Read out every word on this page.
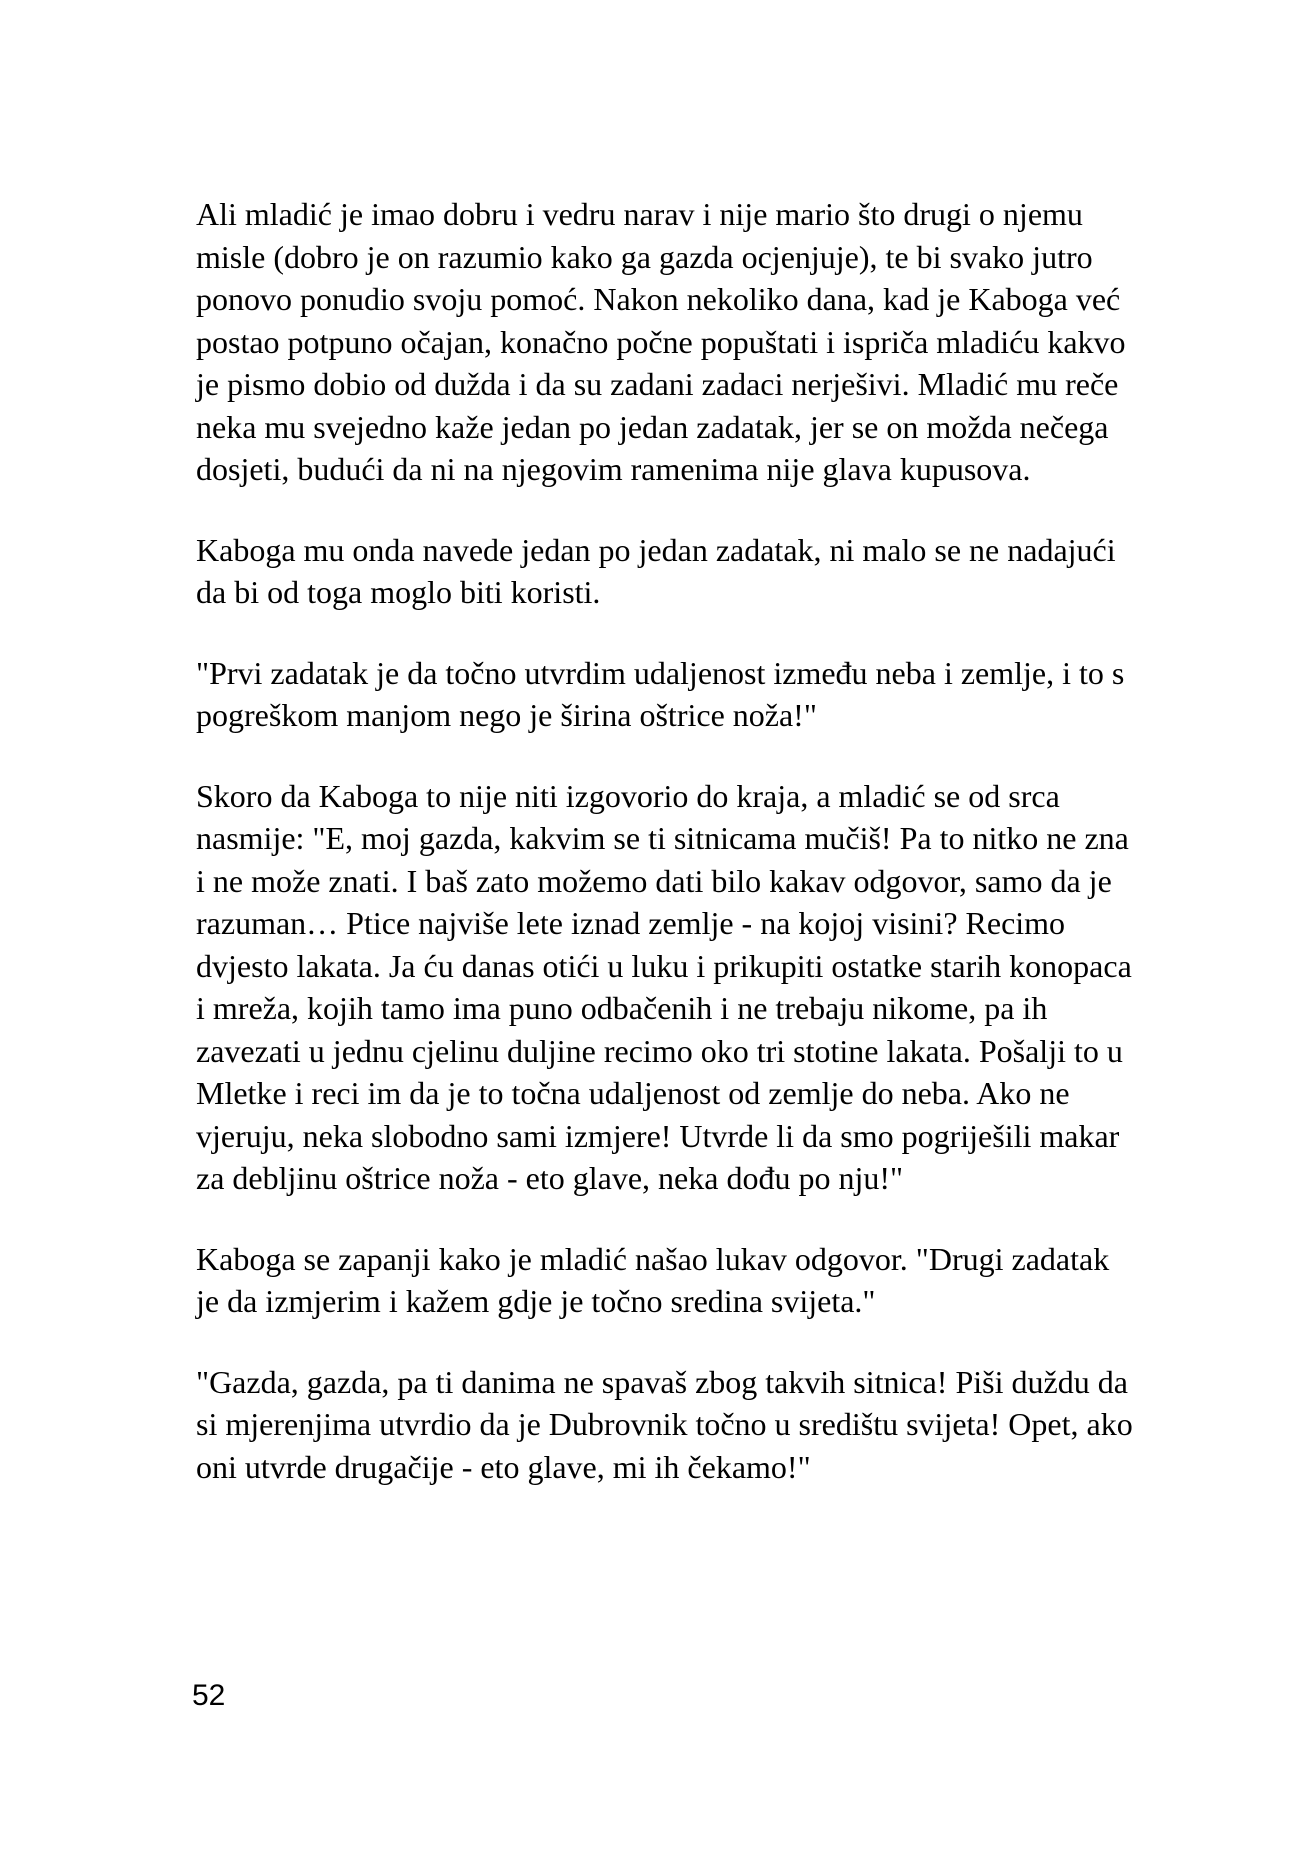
Ali mladić je imao dobru i vedru narav i nije mario što drugi o njemu misle (dobro je on razumio kako ga gazda ocjenjuje), te bi svako jutro ponovo ponudio svoju pomoć. Nakon nekoliko dana, kad je Kaboga već postao potpuno očajan, konačno počne popuštati i ispriča mladiću kakvo je pismo dobio od dužda i da su zadani zadaci nerješivi. Mladić mu reče neka mu svejedno kaže jedan po jedan zadatak, jer se on možda nečega dosjeti, budući da ni na njegovim ramenima nije glava kupusova.

Kaboga mu onda navede jedan po jedan zadatak, ni malo se ne nadajući da bi od toga moglo biti koristi.

"Prvi zadatak je da točno utvrdim udaljenost između neba i zemlje, i to s pogreškom manjom nego je širina oštrice noža!"

Skoro da Kaboga to nije niti izgovorio do kraja, a mladić se od srca nasmije: "E, moj gazda, kakvim se ti sitnicama mučiš! Pa to nitko ne zna i ne može znati. I baš zato možemo dati bilo kakav odgovor, samo da je razuman… Ptice najviše lete iznad zemlje - na kojoj visini? Recimo dvjesto lakata. Ja ću danas otići u luku i prikupiti ostatke starih konopaca i mreža, kojih tamo ima puno odbačenih i ne trebaju nikome, pa ih zavezati u jednu cjelinu duljine recimo oko tri stotine lakata. Pošalji to u Mletke i reci im da je to točna udaljenost od zemlje do neba. Ako ne vjeruju, neka slobodno sami izmjere! Utvrde li da smo pogriješili makar za debljinu oštrice noža - eto glave, neka dođu po nju!"

Kaboga se zapanji kako je mladić našao lukav odgovor. "Drugi zadatak je da izmjerim i kažem gdje je točno sredina svijeta."

"Gazda, gazda, pa ti danima ne spavaš zbog takvih sitnica! Piši duždu da si mjerenjima utvrdio da je Dubrovnik točno u središtu svijeta! Opet, ako oni utvrde drugačije - eto glave, mi ih čekamo!"

52
